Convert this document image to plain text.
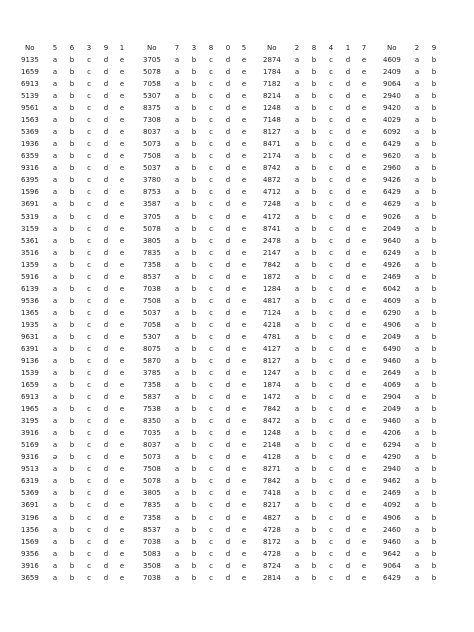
No	5	6	3	9	1	No	7	3	8	0	5	No	2	8	4	1	7	No	2	9
9135	a	b	c	d	e	3705	a	b	c	d	e	2874	a	b	c	d	e	4609	a	b
1659	a	b	c	d	e	5078	a	b	c	d	e	1784	a	b	c	d	e	2409	a	b
6913	a	b	c	d	e	7058	a	b	c	d	e	7182	a	b	c	d	e	9064	a	b
5139	a	b	c	d	e	5307	a	b	c	d	e	8214	a	b	c	d	e	2940	a	b
9561	a	b	c	d	e	8375	a	b	c	d	e	1248	a	b	c	d	e	9420	a	b
1563	a	b	c	d	e	7308	a	b	c	d	e	7148	a	b	c	d	e	4029	a	b
5369	a	b	c	d	e	8037	a	b	c	d	e	8127	a	b	c	d	e	6092	a	b
1936	a	b	c	d	e	5073	a	b	c	d	e	8471	a	b	c	d	e	6429	a	b
6359	a	b	c	d	e	7508	a	b	c	d	e	2174	a	b	c	d	e	9620	a	b
9316	a	b	c	d	e	5037	a	b	c	d	e	8742	a	b	c	d	e	2960	a	b
6395	a	b	c	d	e	3780	a	b	c	d	e	4872	a	b	c	d	e	9426	a	b
1596	a	b	c	d	e	8753	a	b	c	d	e	4712	a	b	c	d	e	6429	a	b
3691	a	b	c	d	e	3587	a	b	c	d	e	7248	a	b	c	d	e	4629	a	b
5319	a	b	c	d	e	3705	a	b	c	d	e	4172	a	b	c	d	e	9026	a	b
3159	a	b	c	d	e	5078	a	b	c	d	e	8741	a	b	c	d	e	2049	a	b
5361	a	b	c	d	e	3805	a	b	c	d	e	2478	a	b	c	d	e	9640	a	b
3516	a	b	c	d	e	7835	a	b	c	d	e	2147	a	b	c	d	e	6249	a	b
1359	a	b	c	d	e	7358	a	b	c	d	e	7842	a	b	c	d	e	4926	a	b
5916	a	b	c	d	e	8537	a	b	c	d	e	1872	a	b	c	d	e	2469	a	b
6139	a	b	c	d	e	7038	a	b	c	d	e	1284	a	b	c	d	e	6042	a	b
9536	a	b	c	d	e	7508	a	b	c	d	e	4817	a	b	c	d	e	4609	a	b
1365	a	b	c	d	e	5037	a	b	c	d	e	7124	a	b	c	d	e	6290	a	b
1935	a	b	c	d	e	7058	a	b	c	d	e	4218	a	b	c	d	e	4906	a	b
9631	a	b	c	d	e	5307	a	b	c	d	e	4781	a	b	c	d	e	2049	a	b
6391	a	b	c	d	e	8075	a	b	c	d	e	4127	a	b	c	d	e	6490	a	b
9136	a	b	c	d	e	5870	a	b	c	d	e	8127	a	b	c	d	e	9460	a	b
1539	a	b	c	d	e	3785	a	b	c	d	e	1247	a	b	c	d	e	2649	a	b
1659	a	b	c	d	e	7358	a	b	c	d	e	1874	a	b	c	d	e	4069	a	b
6913	a	b	c	d	e	5837	a	b	c	d	e	1472	a	b	c	d	e	2904	a	b
1965	a	b	c	d	e	7538	a	b	c	d	e	7842	a	b	c	d	e	2049	a	b
3195	a	b	c	d	e	8350	a	b	c	d	e	8472	a	b	c	d	e	9460	a	b
3916	a	b	c	d	e	7035	a	b	c	d	e	1248	a	b	c	d	e	4206	a	b
5169	a	b	c	d	e	8037	a	b	c	d	e	2148	a	b	c	d	e	6294	a	b
9316	ə	b	c	d	e	5073	a	b	c	d	e	4128	a	b	c	d	e	4290	a	b
9513	a	b	c	d	e	7508	a	b	c	d	e	8271	a	b	c	d	e	2940	a	b
6319	a	b	c	d	e	5078	a	b	c	d	e	7842	a	b	c	d	e	9462	a	b
5369	a	b	c	d	e	3805	a	b	c	d	e	7418	a	b	c	d	e	2469	a	b
3691	a	b	c	d	e	7835	a	b	c	d	e	8217	a	b	c	d	e	4092	a	b
3196	a	b	c	d	e	7358	a	b	c	d	e	4827	a	b	c	d	e	4906	a	b
1356	a	b	c	d	e	8537	a	b	c	d	e	4728	a	b	c	d	e	2460	a	b
1569	a	b	c	d	e	7038	a	b	c	d	e	8172	a	b	c	d	e	9460	a	b
9356	a	b	c	d	e	5083	a	b	c	d	e	4728	a	b	c	d	e	9642	a	b
3916	a	b	c	d	e	3508	a	b	c	d	e	8724	a	b	c	d	e	9064	a	b
3659	a	b	c	d	e	7038	a	b	c	d	e	2814	a	b	c	d	e	6429	a	b
